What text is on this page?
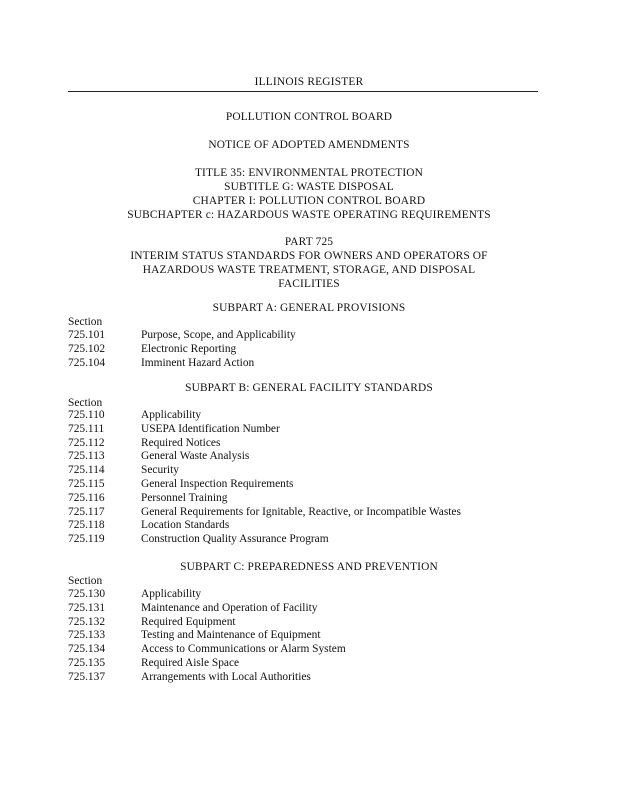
ILLINOIS REGISTER
POLLUTION CONTROL BOARD
NOTICE OF ADOPTED AMENDMENTS
TITLE 35: ENVIRONMENTAL PROTECTION
SUBTITLE G: WASTE DISPOSAL
CHAPTER I: POLLUTION CONTROL BOARD
SUBCHAPTER c: HAZARDOUS WASTE OPERATING REQUIREMENTS
PART 725
INTERIM STATUS STANDARDS FOR OWNERS AND OPERATORS OF
HAZARDOUS WASTE TREATMENT, STORAGE, AND DISPOSAL
FACILITIES
SUBPART A: GENERAL PROVISIONS
Section
725.101	Purpose, Scope, and Applicability
725.102	Electronic Reporting
725.104	Imminent Hazard Action
SUBPART B: GENERAL FACILITY STANDARDS
Section
725.110	Applicability
725.111	USEPA Identification Number
725.112	Required Notices
725.113	General Waste Analysis
725.114	Security
725.115	General Inspection Requirements
725.116	Personnel Training
725.117	General Requirements for Ignitable, Reactive, or Incompatible Wastes
725.118	Location Standards
725.119	Construction Quality Assurance Program
SUBPART C: PREPAREDNESS AND PREVENTION
Section
725.130	Applicability
725.131	Maintenance and Operation of Facility
725.132	Required Equipment
725.133	Testing and Maintenance of Equipment
725.134	Access to Communications or Alarm System
725.135	Required Aisle Space
725.137	Arrangements with Local Authorities
